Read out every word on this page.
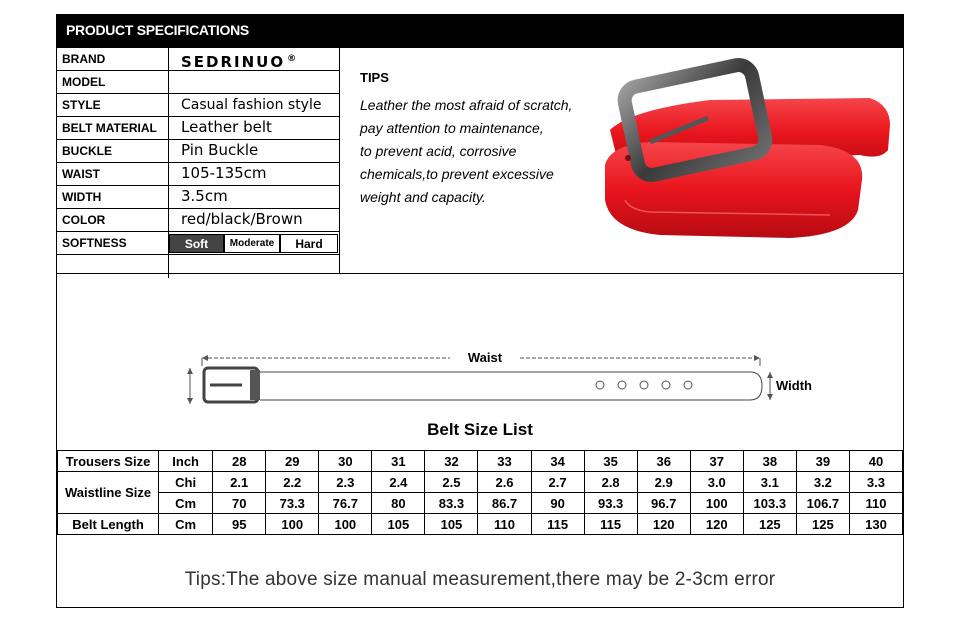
PRODUCT SPECIFICATIONS
BRAND	SEDRINUO ®
MODEL
STYLE	Casual fashion style
BELT MATERIAL	Leather belt
BUCKLE	Pin Buckle
WAIST	105-135cm
WIDTH	3.5cm
COLOR	red/black/Brown
SOFTNESS	Soft	Moderate	Hard
TIPS
Leather the most afraid of scratch,
pay attention to maintenance,
to prevent acid, corrosive
chemicals,to prevent excessive
weight and capacity.
Waist
Width
Belt Size List
Trousers Size	Inch	28	29	30	31	32	33	34	35	36	37	38	39	40
Waistline Size	Chi	2.1	2.2	2.3	2.4	2.5	2.6	2.7	2.8	2.9	3.0	3.1	3.2	3.3
	Cm	70	73.3	76.7	80	83.3	86.7	90	93.3	96.7	100	103.3	106.7	110
Belt Length	Cm	95	100	100	105	105	110	115	115	120	120	125	125	130
Tips:The above size manual measurement,there may be 2-3cm error
